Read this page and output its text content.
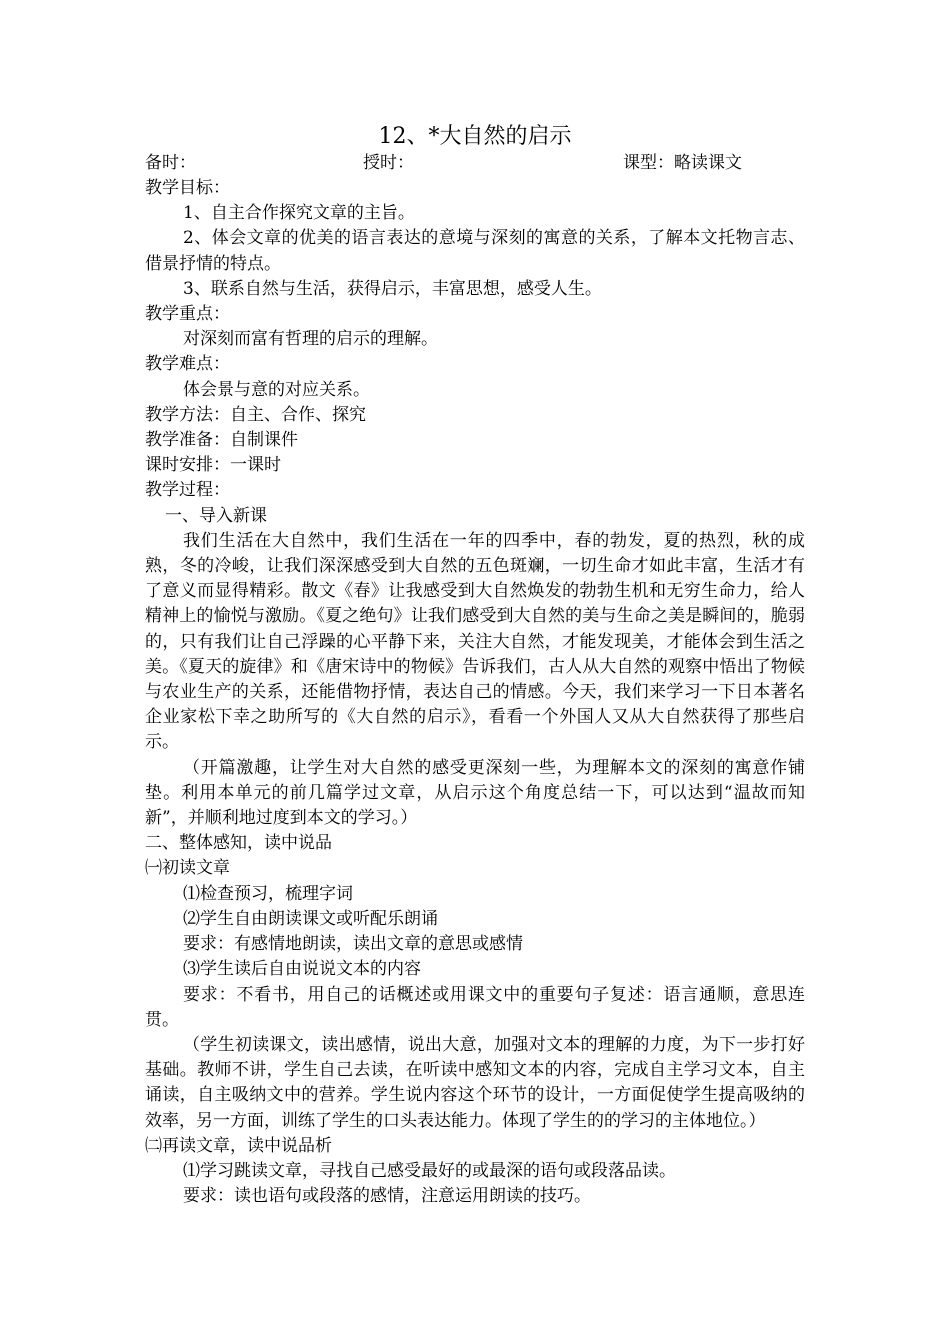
12、*大自然的启示
备时：	授时：	课型：略读课文

教学目标：

1、自主合作探究文章的主旨。

2、体会文章的优美的语言表达的意境与深刻的寓意的关系，了解本文托物言志、借景抒情的特点。

3、联系自然与生活，获得启示，丰富思想，感受人生。

教学重点：

对深刻而富有哲理的启示的理解。

教学难点：

体会景与意的对应关系。

教学方法：自主、合作、探究

教学准备：自制课件

课时安排：一课时

教学过程：

一、导入新课

我们生活在大自然中，我们生活在一年的四季中，春的勃发，夏的热烈，秋的成熟，冬的冷峻，让我们深深感受到大自然的五色斑斓，一切生命才如此丰富，生活才有了意义而显得精彩。散文《春》让我感受到大自然焕发的勃勃生机和无穷生命力，给人精神上的愉悦与激励。《夏之绝句》让我们感受到大自然的美与生命之美是瞬间的，脆弱的，只有我们让自己浮躁的心平静下来，关注大自然，才能发现美，才能体会到生活之美。《夏天的旋律》和《唐宋诗中的物候》告诉我们，古人从大自然的观察中悟出了物候与农业生产的关系，还能借物抒情，表达自己的情感。今天，我们来学习一下日本著名企业家松下幸之助所写的《大自然的启示》，看看一个外国人又从大自然获得了那些启示。

（开篇激趣，让学生对大自然的感受更深刻一些，为理解本文的深刻的寓意作铺垫。利用本单元的前几篇学过文章，从启示这个角度总结一下，可以达到“温故而知新”，并顺利地过度到本文的学习。）

二、整体感知，读中说品

㈠初读文章

⑴检查预习，梳理字词

⑵学生自由朗读课文或听配乐朗诵

要求：有感情地朗读，读出文章的意思或感情

⑶学生读后自由说说文本的内容

要求：不看书，用自己的话概述或用课文中的重要句子复述：语言通顺，意思连贯。

（学生初读课文，读出感情，说出大意，加强对文本的理解的力度，为下一步打好基础。教师不讲，学生自己去读，在听读中感知文本的内容，完成自主学习文本，自主诵读，自主吸纳文中的营养。学生说内容这个环节的设计，一方面促使学生提高吸纳的效率，另一方面，训练了学生的口头表达能力。体现了学生的的学习的主体地位。）

㈡再读文章，读中说品析

⑴学习跳读文章，寻找自己感受最好的或最深的语句或段落品读。

要求：读也语句或段落的感情，注意运用朗读的技巧。
